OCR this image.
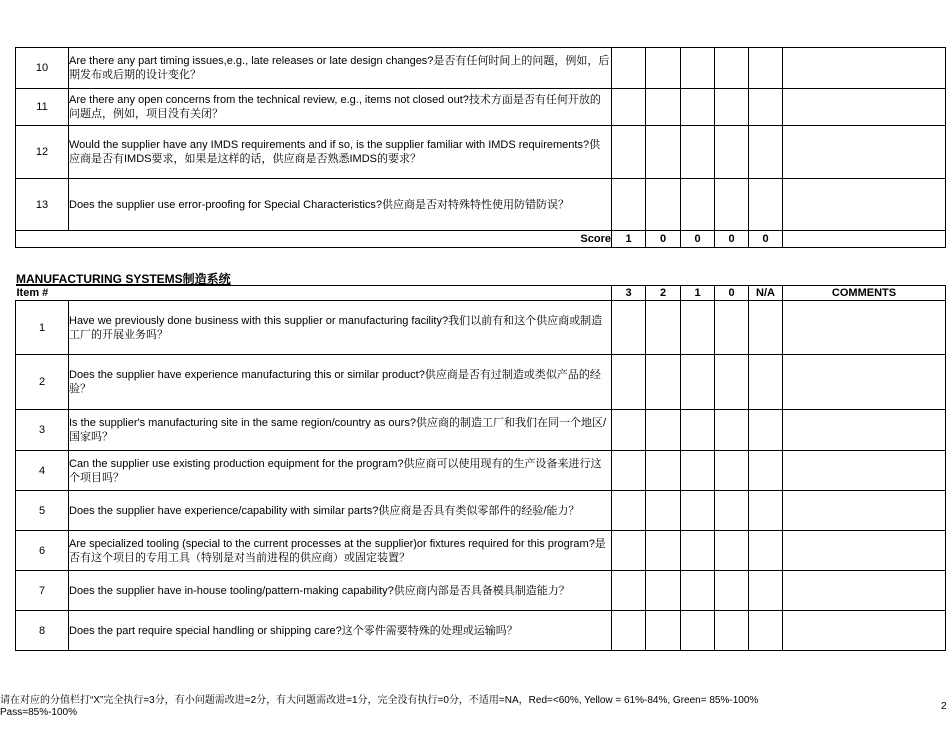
10	Are there any part timing issues,e.g., late releases or late design changes?是否有任何时间上的问题，例如，后期发布或后期的设计变化？						
11	Are there any open concerns from the technical review, e.g., items not closed out?技术方面是否有任何开放的问题点，例如，项目没有关闭？						
12	Would the supplier have any IMDS requirements and if so, is the supplier familiar with IMDS requirements?供应商是否有IMDS要求，如果是这样的话，供应商是否熟悉IMDS的要求？						
13	Does the supplier use error-proofing for Special Characteristics?供应商是否对特殊特性使用防错防误？						
Score		1	0	0	0	0	
MANUFACTURING SYSTEMS制造系统
Item #		3	2	1	0	N/A	COMMENTS
1	Have we previously done business with this supplier or manufacturing facility?我们以前有和这个供应商或制造工厂的开展业务吗？						
2	Does the supplier have experience manufacturing this or similar product?供应商是否有过制造或类似产品的经验？						
3	Is the supplier's manufacturing site in the same region/country as ours?供应商的制造工厂和我们在同一个地区/国家吗？						
4	Can the supplier use existing production equipment for the program?供应商可以使用现有的生产设备来进行这个项目吗？						
5	Does the supplier have experience/capability with similar parts?供应商是否具有类似零部件的经验/能力？						
6	Are specialized tooling (special to the current processes at the supplier)or fixtures required for this program?是否有这个项目的专用工具（特别是对当前进程的供应商）或固定装置？						
7	Does the supplier have in-house tooling/pattern-making capability?供应商内部是否具备模具制造能力？						
8	Does the part require special handling or shipping care?这个零件需要特殊的处理或运输吗？						
请在对应的分值栏打“X”完全执行=3分，有小问题需改进=2分，有大问题需改进=1分，完全没有执行=0分，不适用=NA，Red=<60%, Yellow = 61%-84%, Green= 85%-100%
Pass=85%-100%
2
